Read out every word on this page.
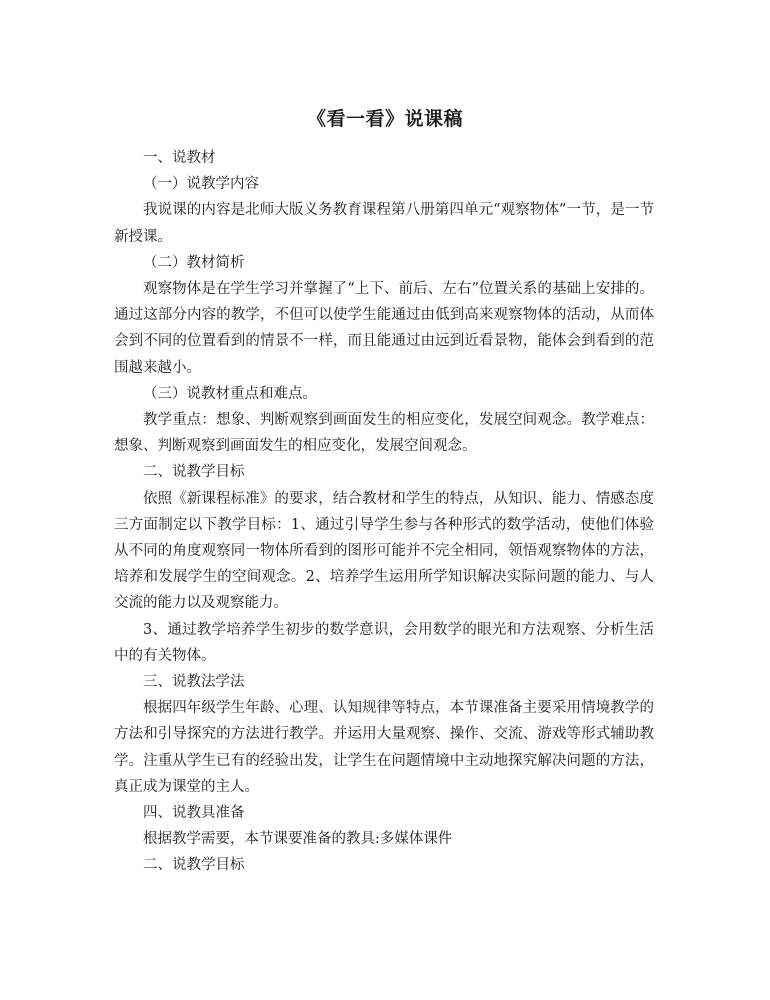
《看一看》说课稿

一、说教材

（一）说教学内容

我说课的内容是北师大版义务教育课程第八册第四单元“观察物体”一节，是一节新授课。

（二）教材简析

观察物体是在学生学习并掌握了“上下、前后、左右”位置关系的基础上安排的。通过这部分内容的教学，不但可以使学生能通过由低到高来观察物体的活动，从而体会到不同的位置看到的情景不一样，而且能通过由远到近看景物，能体会到看到的范围越来越小。

（三）说教材重点和难点。

教学重点：想象、判断观察到画面发生的相应变化，发展空间观念。教学难点：想象、判断观察到画面发生的相应变化，发展空间观念。

二、说教学目标

依照《新课程标准》的要求，结合教材和学生的特点，从知识、能力、情感态度三方面制定以下教学目标：1、通过引导学生参与各种形式的数学活动，使他们体验从不同的角度观察同一物体所看到的图形可能并不完全相同，领悟观察物体的方法，培养和发展学生的空间观念。2、培养学生运用所学知识解决实际问题的能力、与人交流的能力以及观察能力。

3、通过教学培养学生初步的数学意识，会用数学的眼光和方法观察、分析生活中的有关物体。

三、说教法学法

根据四年级学生年龄、心理、认知规律等特点，本节课准备主要采用情境教学的方法和引导探究的方法进行教学。并运用大量观察、操作、交流、游戏等形式辅助教学。注重从学生已有的经验出发，让学生在问题情境中主动地探究解决问题的方法，真正成为课堂的主人。

四、说教具准备

根据教学需要，本节课要准备的教具:多媒体课件

二、说教学目标
